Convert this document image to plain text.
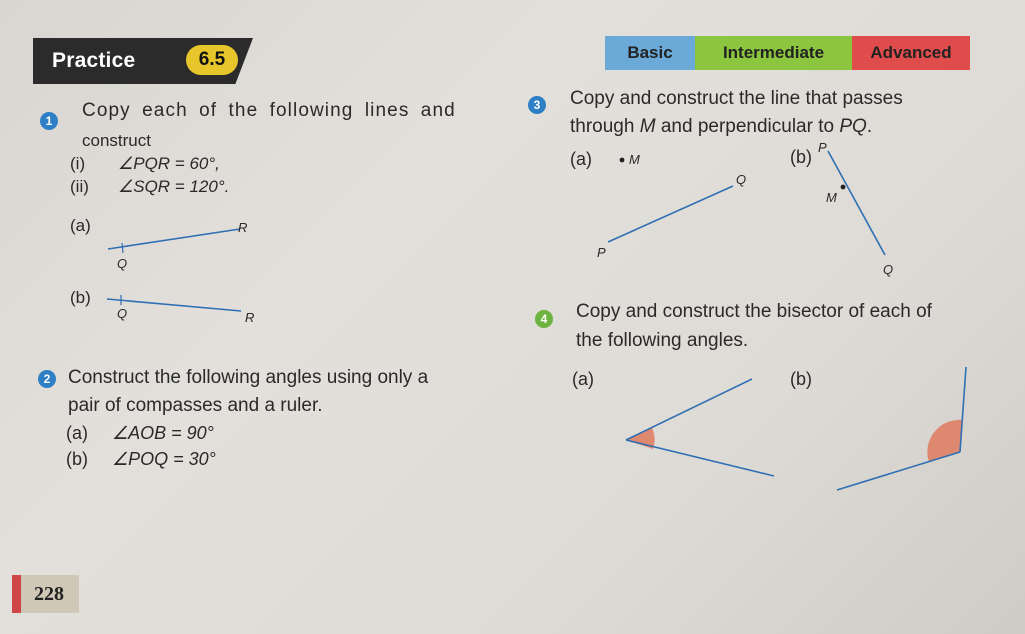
Practice	6.5	Basic	Intermediate	Advanced
1 Copy each of the following lines and
construct
(i) ∠PQR = 60°,
(ii) ∠SQR = 120°.
(a)	R
Q
(b)
Q	R
2 Construct the following angles using only a
pair of compasses and a ruler.
(a) ∠AOB = 90°
(b) ∠POQ = 30°
3 Copy and construct the line that passes
through M and perpendicular to PQ.
(a)	M
Q
P
(b) P
M
Q
4 Copy and construct the bisector of each of
the following angles.
(a)	(b)
228
